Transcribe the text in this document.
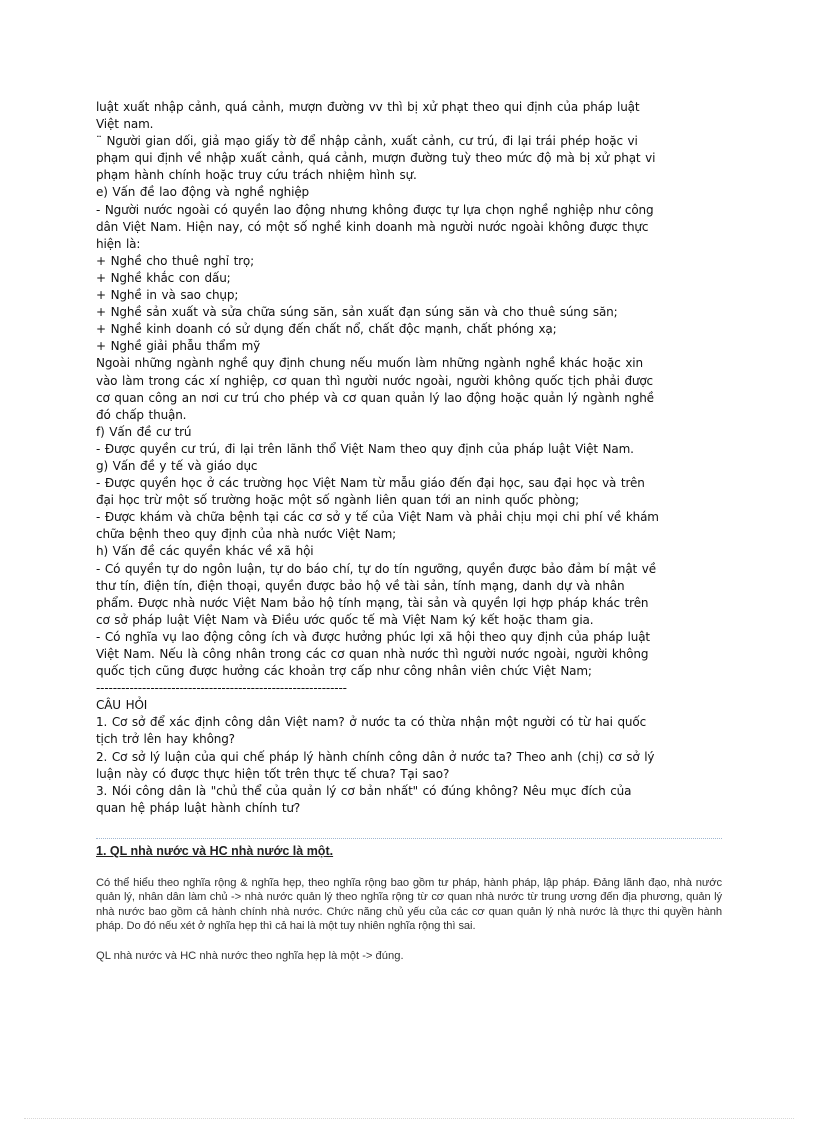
luật xuất nhập cảnh, quá cảnh, mượn đường vv thì bị xử phạt theo qui định của pháp luật

Việt nam.

¨ Người gian dối, giả mạo giấy tờ để nhập cảnh, xuất cảnh, cư trú, đi lại trái phép hoặc vi

phạm qui định về nhập xuất cảnh, quá cảnh, mượn đường tuỳ theo mức độ mà bị xử phạt vi

phạm hành chính hoặc truy cứu trách nhiệm hình sự.

e) Vấn đề lao động và nghề nghiệp

- Người nước ngoài có quyền lao động nhưng không được tự lựa chọn nghề nghiệp như công

dân Việt Nam. Hiện nay, có một số nghề kinh doanh mà người nước ngoài không được thực

hiện là:

+ Nghề cho thuê nghỉ trọ;

+ Nghề khắc con dấu;

+ Nghề in và sao chụp;

+ Nghề sản xuất và sửa chữa súng săn, sản xuất đạn súng săn và cho thuê súng săn;

+ Nghề kinh doanh có sử dụng đến chất nổ, chất độc mạnh, chất phóng xạ;

+ Nghề giải phẫu thẩm mỹ

Ngoài những ngành nghề quy định chung nếu muốn làm những ngành nghề khác hoặc xin

vào làm trong các xí nghiệp, cơ quan thì người nước ngoài, người không quốc tịch phải được

cơ quan công an nơi cư trú cho phép và cơ quan quản lý lao động hoặc quản lý ngành nghề

đó chấp thuận.

f) Vấn đề cư trú

- Được quyền cư trú, đi lại trên lãnh thổ Việt Nam theo quy định của pháp luật Việt Nam.

g) Vấn đề y tế và giáo dục

- Được quyền học ở các trường học Việt Nam từ mẫu giáo đến đại học, sau đại học và trên

đại học trừ một số trường hoặc một số ngành liên quan tới an ninh quốc phòng;

- Được khám và chữa bệnh tại các cơ sở y tế của Việt Nam và phải chịu mọi chi phí về khám

chữa bệnh theo quy định của nhà nước Việt Nam;

h) Vấn đề các quyền khác về xã hội

- Có quyền tự do ngôn luận, tự do báo chí, tự do tín ngưỡng, quyền được bảo đảm bí mật về

thư tín, điện tín, điện thoại, quyền được bảo hộ về tài sản, tính mạng, danh dự và nhân

phẩm. Được nhà nước Việt Nam bảo hộ tính mạng, tài sản và quyền lợi hợp pháp khác trên

cơ sở pháp luật Việt Nam và Điều ước quốc tế mà Việt Nam ký kết hoặc tham gia.

- Có nghĩa vụ lao động công ích và được hưởng phúc lợi xã hội theo quy định của pháp luật

Việt Nam. Nếu là công nhân trong các cơ quan nhà nước thì người nước ngoài, người không

quốc tịch cũng được hưởng các khoản trợ cấp như công nhân viên chức Việt Nam;

------------------------------------------------------------

CÂU HỎI

1. Cơ sở để xác định công dân Việt nam? ở nước ta có thừa nhận một người có từ hai quốc

tịch trở lên hay không?

2. Cơ sở lý luận của qui chế pháp lý hành chính công dân ở nước ta? Theo anh (chị) cơ sở lý

luận này có được thực hiện tốt trên thực tế chưa? Tại sao?

3. Nói công dân là "chủ thể của quản lý cơ bản nhất" có đúng không? Nêu mục đích của

quan hệ pháp luật hành chính tư?

1. QL nhà nước và HC nhà nước là một.

Có thể hiểu theo nghĩa rộng & nghĩa hẹp, theo nghĩa rộng bao gồm tư pháp, hành pháp, lập pháp. Đảng lãnh đạo, nhà nước quản lý, nhân dân làm chủ -> nhà nước quản lý theo nghĩa rộng từ cơ quan nhà nước từ trung ương đến địa phương, quản lý nhà nước bao gồm cả hành chính nhà nước. Chức năng chủ yếu của các cơ quan quản lý nhà nước là thực thi quyền hành pháp. Do đó nếu xét ở nghĩa hẹp thì cả hai là một tuy nhiên nghĩa rộng thì sai.

QL nhà nước và HC nhà nước theo nghĩa hẹp là một -> đúng.
